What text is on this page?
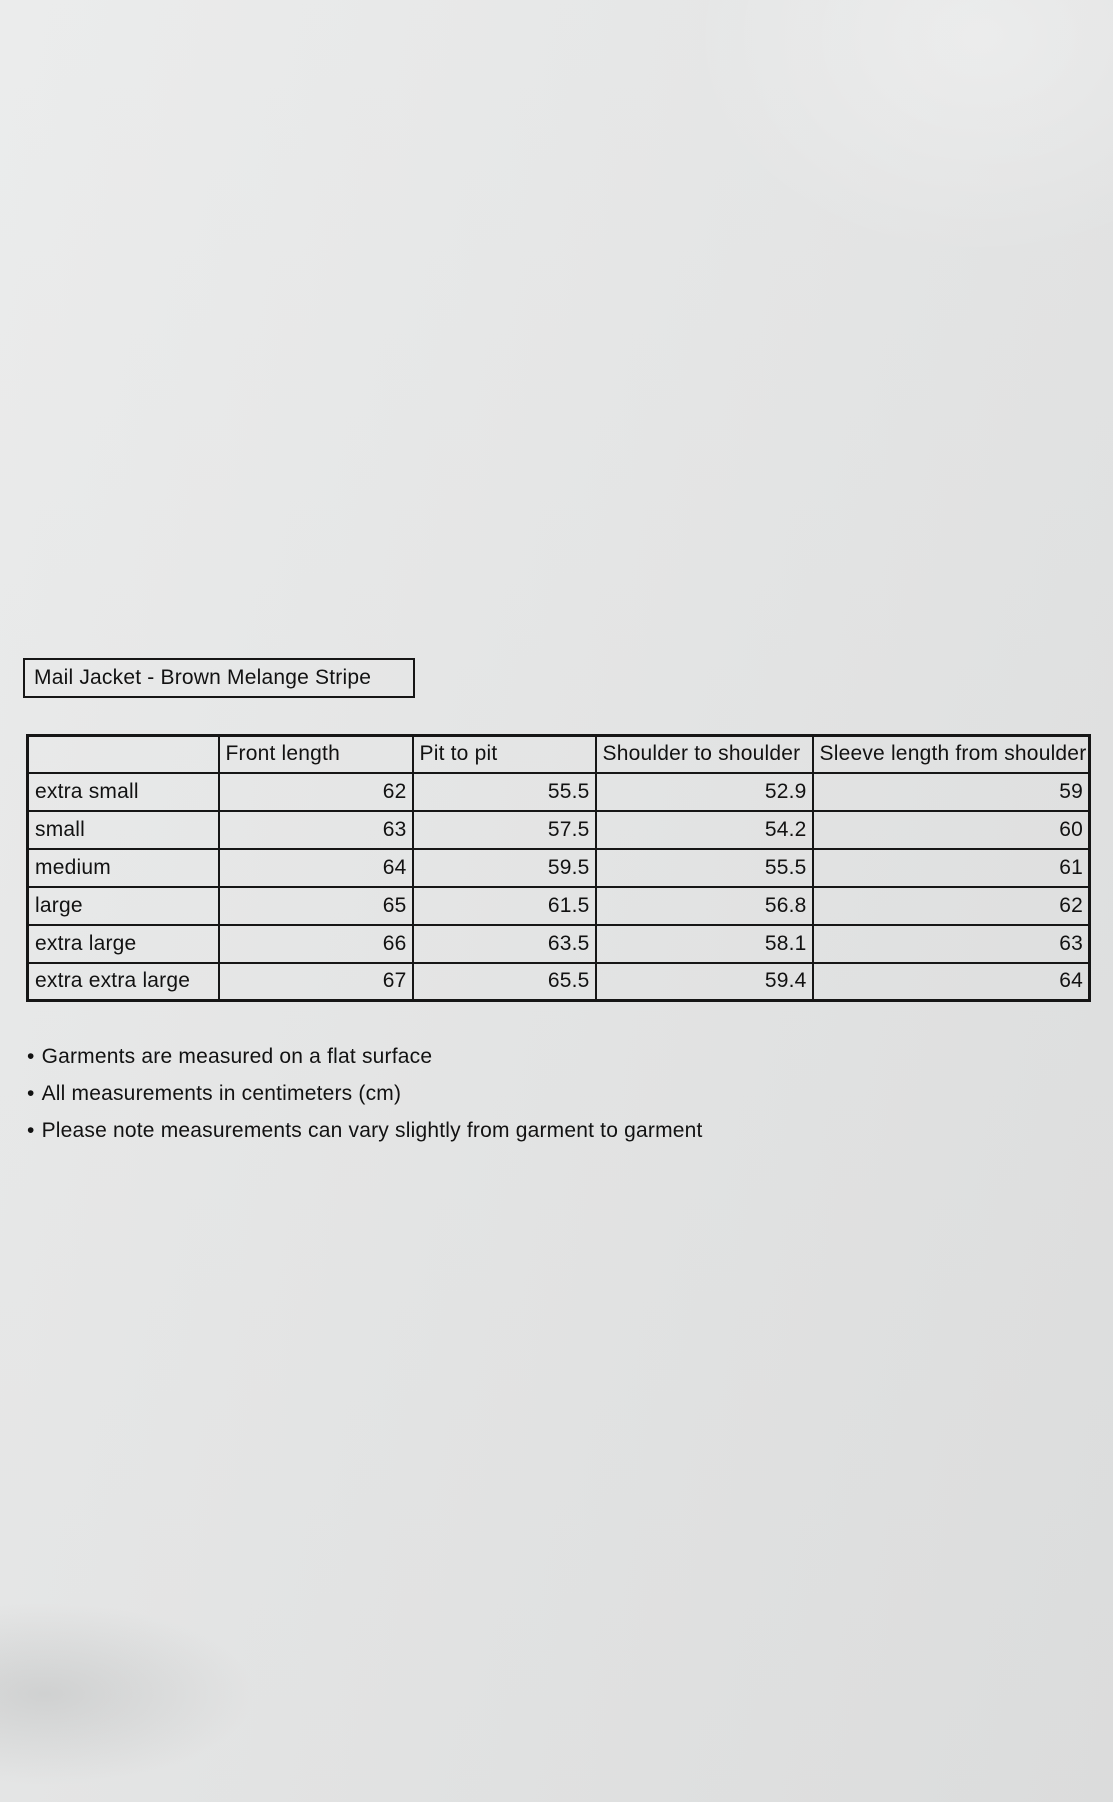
Mail Jacket - Brown Melange Stripe
	Front length	Pit to pit	Shoulder to shoulder	Sleeve length from shoulder
extra small	62	55.5	52.9	59
small	63	57.5	54.2	60
medium	64	59.5	55.5	61
large	65	61.5	56.8	62
extra large	66	63.5	58.1	63
extra extra large	67	65.5	59.4	64
• Garments are measured on a flat surface
• All measurements in centimeters (cm)
• Please note measurements can vary slightly from garment to garment
